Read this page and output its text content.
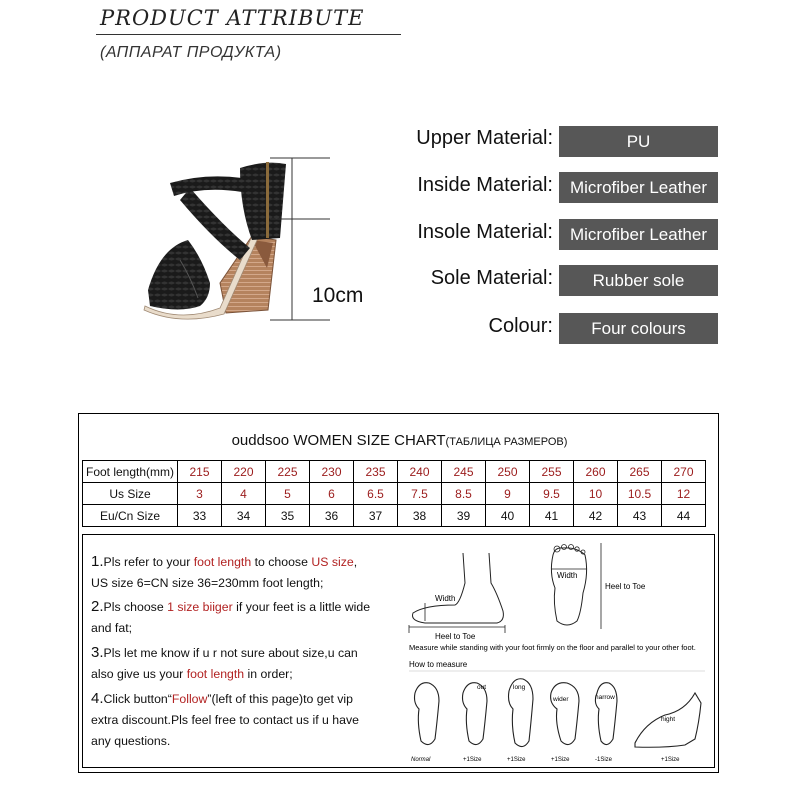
PRODUCT ATTRIBUTE
(АППАРАТ ПРОДУКТА)
10cm
Upper Material:	PU
Inside Material: Microfiber Leather
Insole Material: Microfiber Leather
Sole Material:	Rubber sole
Colour:	Four colours
ouddsoo WOMEN SIZE CHART(ТАБЛИЦА РАЗМЕРОВ)
Foot length(mm)	215	220	225	230	235	240	245	250	255	260	265	270
Us Size	3	4	5	6	6.5	7.5	8.5	9	9.5	10	10.5	12
Eu/Cn Size	33	34	35	36	37	38	39	40	41	42	43	44
1.Pls refer to your foot length to choose US size,
US size 6=CN size 36=230mm foot length;
2.Pls choose 1 size biiger if your feet is a little wide
and fat;
3.Pls let me know if u r not sure about size,u can
also give us your foot length in order;
4.Click button“Follow”(left of this page)to get vip
extra discount.Pls feel free to contact us if u have
any questions.
Width
Heel to Toe
Width
Heel to Toe
Measure while standing with your foot firmly on the floor and parallel to your other foot.
How to measure
Normal
out
+1Size
long
+1Size
wider
+1Size
narrow
-1Size
hight
+1Size
